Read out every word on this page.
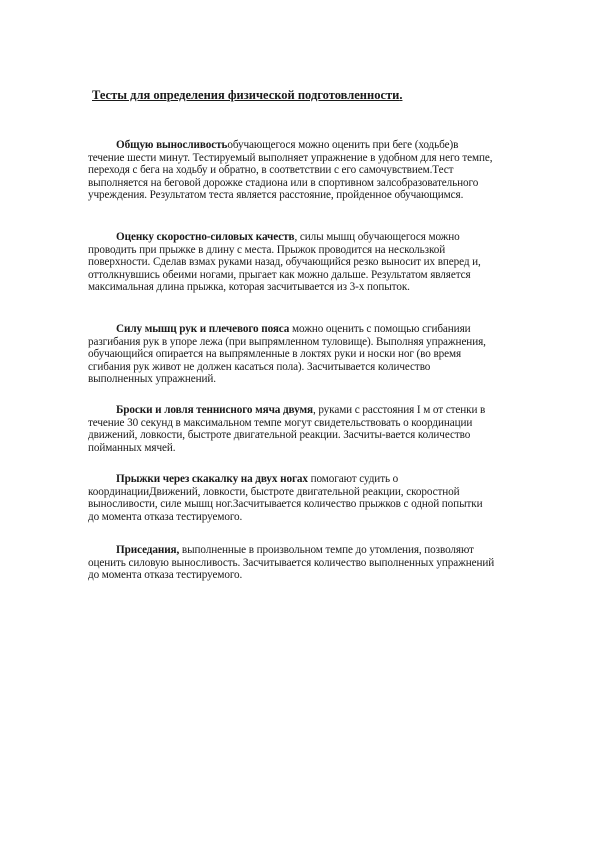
Тесты для определения физической подготовленности.

Общую выносливостьобучающегося можно оценить при беге (ходьбе)в течение шести минут. Тестируемый выполняет упражнение в удобном для него темпе, переходя с бега на ходьбу и обратно, в соответствии с его самочувствием.Тест выполняется на беговой дорожке стадиона или в спортивном залсобразовательного учреждения. Результатом теста является расстояние, пройденное обучающимся.

Оценку скоростно-силовых качеств, силы мышц обучающегося можно проводить при прыжке в длину с места. Прыжок проводится на нескользкой поверхности. Сделав взмах руками назад, обучающийся резко выносит их вперед и, оттолкнувшись обеими ногами, прыгает как можно дальше. Результатом является максимальная длина прыжка, которая засчитывается из 3-х попыток.

Силу мышц рук и плечевого пояса можно оценить с помощью сгибанияи разгибания рук в упоре лежа (при выпрямленном туловище). Выполняя упражнения, обучающийся опирается на выпрямленные в локтях руки и носки ног (во время сгибания рук живот не должен касаться пола). Засчитывается количество выполненных упражнений.

Броски и ловля теннисного мяча двумя, руками с расстояния I м от стенки в течение 30 секунд в максимальном темпе могут свидетельствовать о координации движений, ловкости, быстроте двигательной реакции. Засчиты-вается количество пойманных мячей.

Прыжки через скакалку на двух ногах помогают судить о координацииДвижений, ловкости, быстроте двигательной реакции, скоростной выносливости, силе мышц ног.Засчитывается количество прыжков с одной попытки до момента отказа тестируемого.

Приседания, выполненные в произвольном темпе до утомления, позволяют оценить силовую выносливость. Засчитывается количество выполненных упражнений до момента отказа тестируемого.
